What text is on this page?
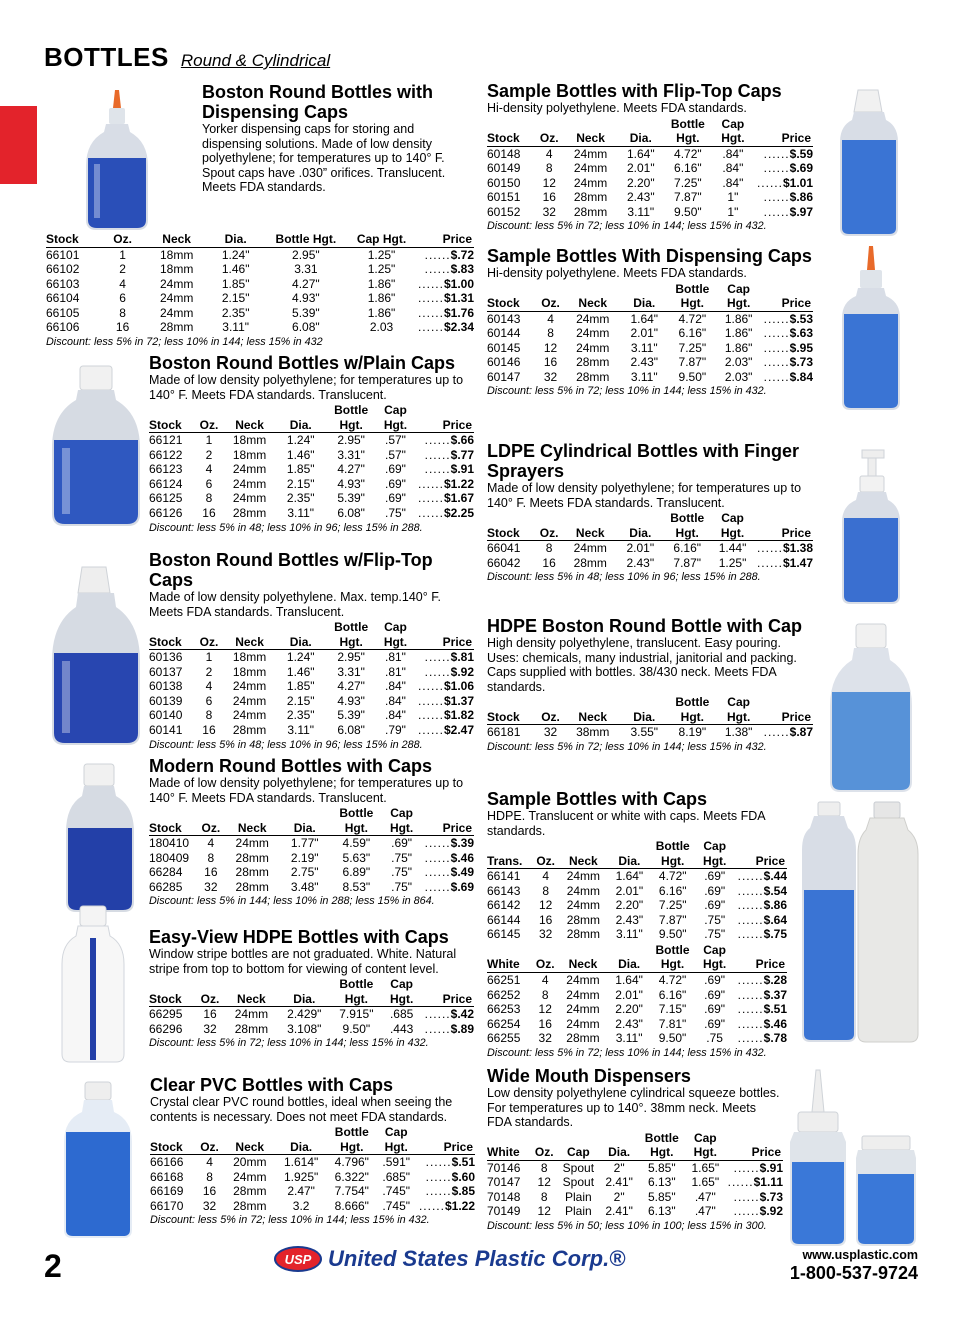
BOTTLES Round & Cylindrical
Boston Round Bottles with Dispensing Caps
Yorker dispensing caps for storing and dispensing solutions. Made of low density polyethylene; for temperatures up to 140° F. Spout caps have .030” orifices. Translucent. Meets FDA standards.
Stock	Oz.	Neck	Dia.	Bottle Hgt.	Cap Hgt.	Price
66101	1	18mm	1.24"	2.95"	1.25"	......$.72
66102	2	18mm	1.46"	3.31	1.25"	......$.83
66103	4	24mm	1.85"	4.27"	1.86"	......$1.00
66104	6	24mm	2.15"	4.93"	1.86"	......$1.31
66105	8	24mm	2.35"	5.39"	1.86"	......$1.76
66106	16	28mm	3.11"	6.08"	2.03	......$2.34
Discount: less 5% in 72; less 10% in 144; less 15% in 432
Boston Round Bottles w/Plain Caps
Made of low density polyethylene; for temperatures up to 140° F. Meets FDA standards. Translucent.
				Bottle	Cap	
Stock	Oz.	Neck	Dia.	Hgt.	Hgt.	Price
66121	1	18mm	1.24"	2.95"	.57"	......$.66
66122	2	18mm	1.46"	3.31"	.57"	......$.77
66123	4	24mm	1.85"	4.27"	.69"	......$.91
66124	6	24mm	2.15"	4.93"	.69"	......$1.22
66125	8	24mm	2.35"	5.39"	.69"	......$1.67
66126	16	28mm	3.11"	6.08"	.75"	......$2.25
Discount: less 5% in 48; less 10% in 96; less 15% in 288.
Boston Round Bottles w/Flip-Top Caps
Made of low density polyethylene. Max. temp.140° F. Meets FDA standards. Translucent.
				Bottle	Cap	
Stock	Oz.	Neck	Dia.	Hgt.	Hgt.	Price
60136	1	18mm	1.24"	2.95"	.81"	......$.81
60137	2	18mm	1.46"	3.31"	.81"	......$.92
60138	4	24mm	1.85"	4.27"	.84"	......$1.06
60139	6	24mm	2.15"	4.93"	.84"	......$1.37
60140	8	24mm	2.35"	5.39"	.84"	......$1.82
60141	16	28mm	3.11"	6.08"	.79"	......$2.47
Discount: less 5% in 48; less 10% in 96; less 15% in 288.
Modern Round Bottles with Caps
Made of low density polyethylene; for temperatures up to 140° F. Meets FDA standards. Translucent.
				Bottle	Cap	
Stock	Oz.	Neck	Dia.	Hgt.	Hgt.	Price
180410	4	24mm	1.77"	4.59"	.69"	......$.39
180409	8	28mm	2.19"	5.63"	.75"	......$.46
66284	16	28mm	2.75"	6.89"	.75"	......$.49
66285	32	28mm	3.48"	8.53"	.75"	......$.69
Discount: less 5% in 144; less 10% in 288; less 15% in 864.
Easy-View HDPE Bottles with Caps
Window stripe bottles are not graduated. White. Natural stripe from top to bottom for viewing of content level.
				Bottle	Cap	
Stock	Oz.	Neck	Dia.	Hgt.	Hgt.	Price
66295	16	24mm	2.429"	7.915"	.685	......$.42
66296	32	28mm	3.108"	9.50"	.443	......$.89
Discount: less 5% in 72; less 10% in 144; less 15% in 432.
Clear PVC Bottles with Caps
Crystal clear PVC round bottles, ideal when seeing the contents is necessary. Does not meet FDA standards.
				Bottle	Cap	
Stock	Oz.	Neck	Dia.	Hgt.	Hgt.	Price
66166	4	20mm	1.614"	4.796"	.591"	......$.51
66168	8	24mm	1.925"	6.322"	.685"	......$.60
66169	16	28mm	2.47"	7.754"	.745"	......$.85
66170	32	28mm	3.2	8.666"	.745"	......$1.22
Discount: less 5% in 72; less 10% in 144; less 15% in 432.
Sample Bottles with Flip-Top Caps
Hi-density polyethylene. Meets FDA standards.
				Bottle	Cap	
Stock	Oz.	Neck	Dia.	Hgt.	Hgt.	Price
60148	4	24mm	1.64"	4.72"	.84"	......$.59
60149	8	24mm	2.01"	6.16"	.84"	......$.69
60150	12	24mm	2.20"	7.25"	.84"	......$1.01
60151	16	28mm	2.43"	7.87"	1"	......$.86
60152	32	28mm	3.11"	9.50"	1"	......$.97
Discount: less 5% in 72; less 10% in 144; less 15% in 432.
Sample Bottles With Dispensing Caps
Hi-density polyethylene. Meets FDA standards.
				Bottle	Cap	
Stock	Oz.	Neck	Dia.	Hgt.	Hgt.	Price
60143	4	24mm	1.64"	4.72"	1.86"	......$.53
60144	8	24mm	2.01"	6.16"	1.86"	......$.63
60145	12	24mm	3.11"	7.25"	1.86"	......$.95
60146	16	28mm	2.43"	7.87"	2.03"	......$.73
60147	32	28mm	3.11"	9.50"	2.03"	......$.84
Discount: less 5% in 72; less 10% in 144; less 15% in 432.
LDPE Cylindrical Bottles with Finger Sprayers
Made of low density polyethylene; for temperatures up to 140° F. Meets FDA standards. Translucent.
				Bottle	Cap	
Stock	Oz.	Neck	Dia.	Hgt.	Hgt.	Price
66041	8	24mm	2.01"	6.16"	1.44"	......$1.38
66042	16	28mm	2.43"	7.87"	1.25"	......$1.47
Discount: less 5% in 48; less 10% in 96; less 15% in 288.
HDPE Boston Round Bottle with Cap
High density polyethylene, translucent. Easy pouring. Uses: chemicals, many industrial, janitorial and packing. Caps supplied with bottles. 38/430 neck. Meets FDA standards.
				Bottle	Cap	
Stock	Oz.	Neck	Dia.	Hgt.	Hgt.	Price
66181	32	38mm	3.55"	8.19"	1.38"	......$.87
Discount: less 5% in 72; less 10% in 144; less 15% in 432.
Sample Bottles with Caps
HDPE. Translucent or white with caps. Meets FDA standards.
				Bottle	Cap	
Trans.	Oz.	Neck	Dia.	Hgt.	Hgt.	Price
66141	4	24mm	1.64"	4.72"	.69"	......$.44
66143	8	24mm	2.01"	6.16"	.69"	......$.54
66142	12	24mm	2.20"	7.25"	.69"	......$.86
66144	16	28mm	2.43"	7.87"	.75"	......$.64
66145	32	28mm	3.11"	9.50"	.75"	......$.75
				Bottle	Cap	
White	Oz.	Neck	Dia.	Hgt.	Hgt.	Price
66251	4	24mm	1.64"	4.72"	.69"	......$.28
66252	8	24mm	2.01"	6.16"	.69"	......$.37
66253	12	24mm	2.20"	7.15"	.69"	......$.51
66254	16	24mm	2.43"	7.81"	.69"	......$.46
66255	32	28mm	3.11"	9.50"	.75	......$.78
Discount: less 5% in 72; less 10% in 144; less 15% in 432.
Wide Mouth Dispensers
Low density polyethylene cylindrical squeeze bottles. For temperatures up to 140°. 38mm neck. Meets FDA standards.
				Bottle	Cap	
White	Oz.	Cap	Dia.	Hgt.	Hgt.	Price
70146	8	Spout	2"	5.85"	1.65"	......$.91
70147	12	Spout	2.41"	6.13"	1.65"	......$1.11
70148	8	Plain	2"	5.85"	.47"	......$.73
70149	12	Plain	2.41"	6.13"	.47"	......$.92
Discount: less 5% in 50; less 10% in 100; less 15% in 300.
2	USP United States Plastic Corp.®	www.usplastic.com
1-800-537-9724
